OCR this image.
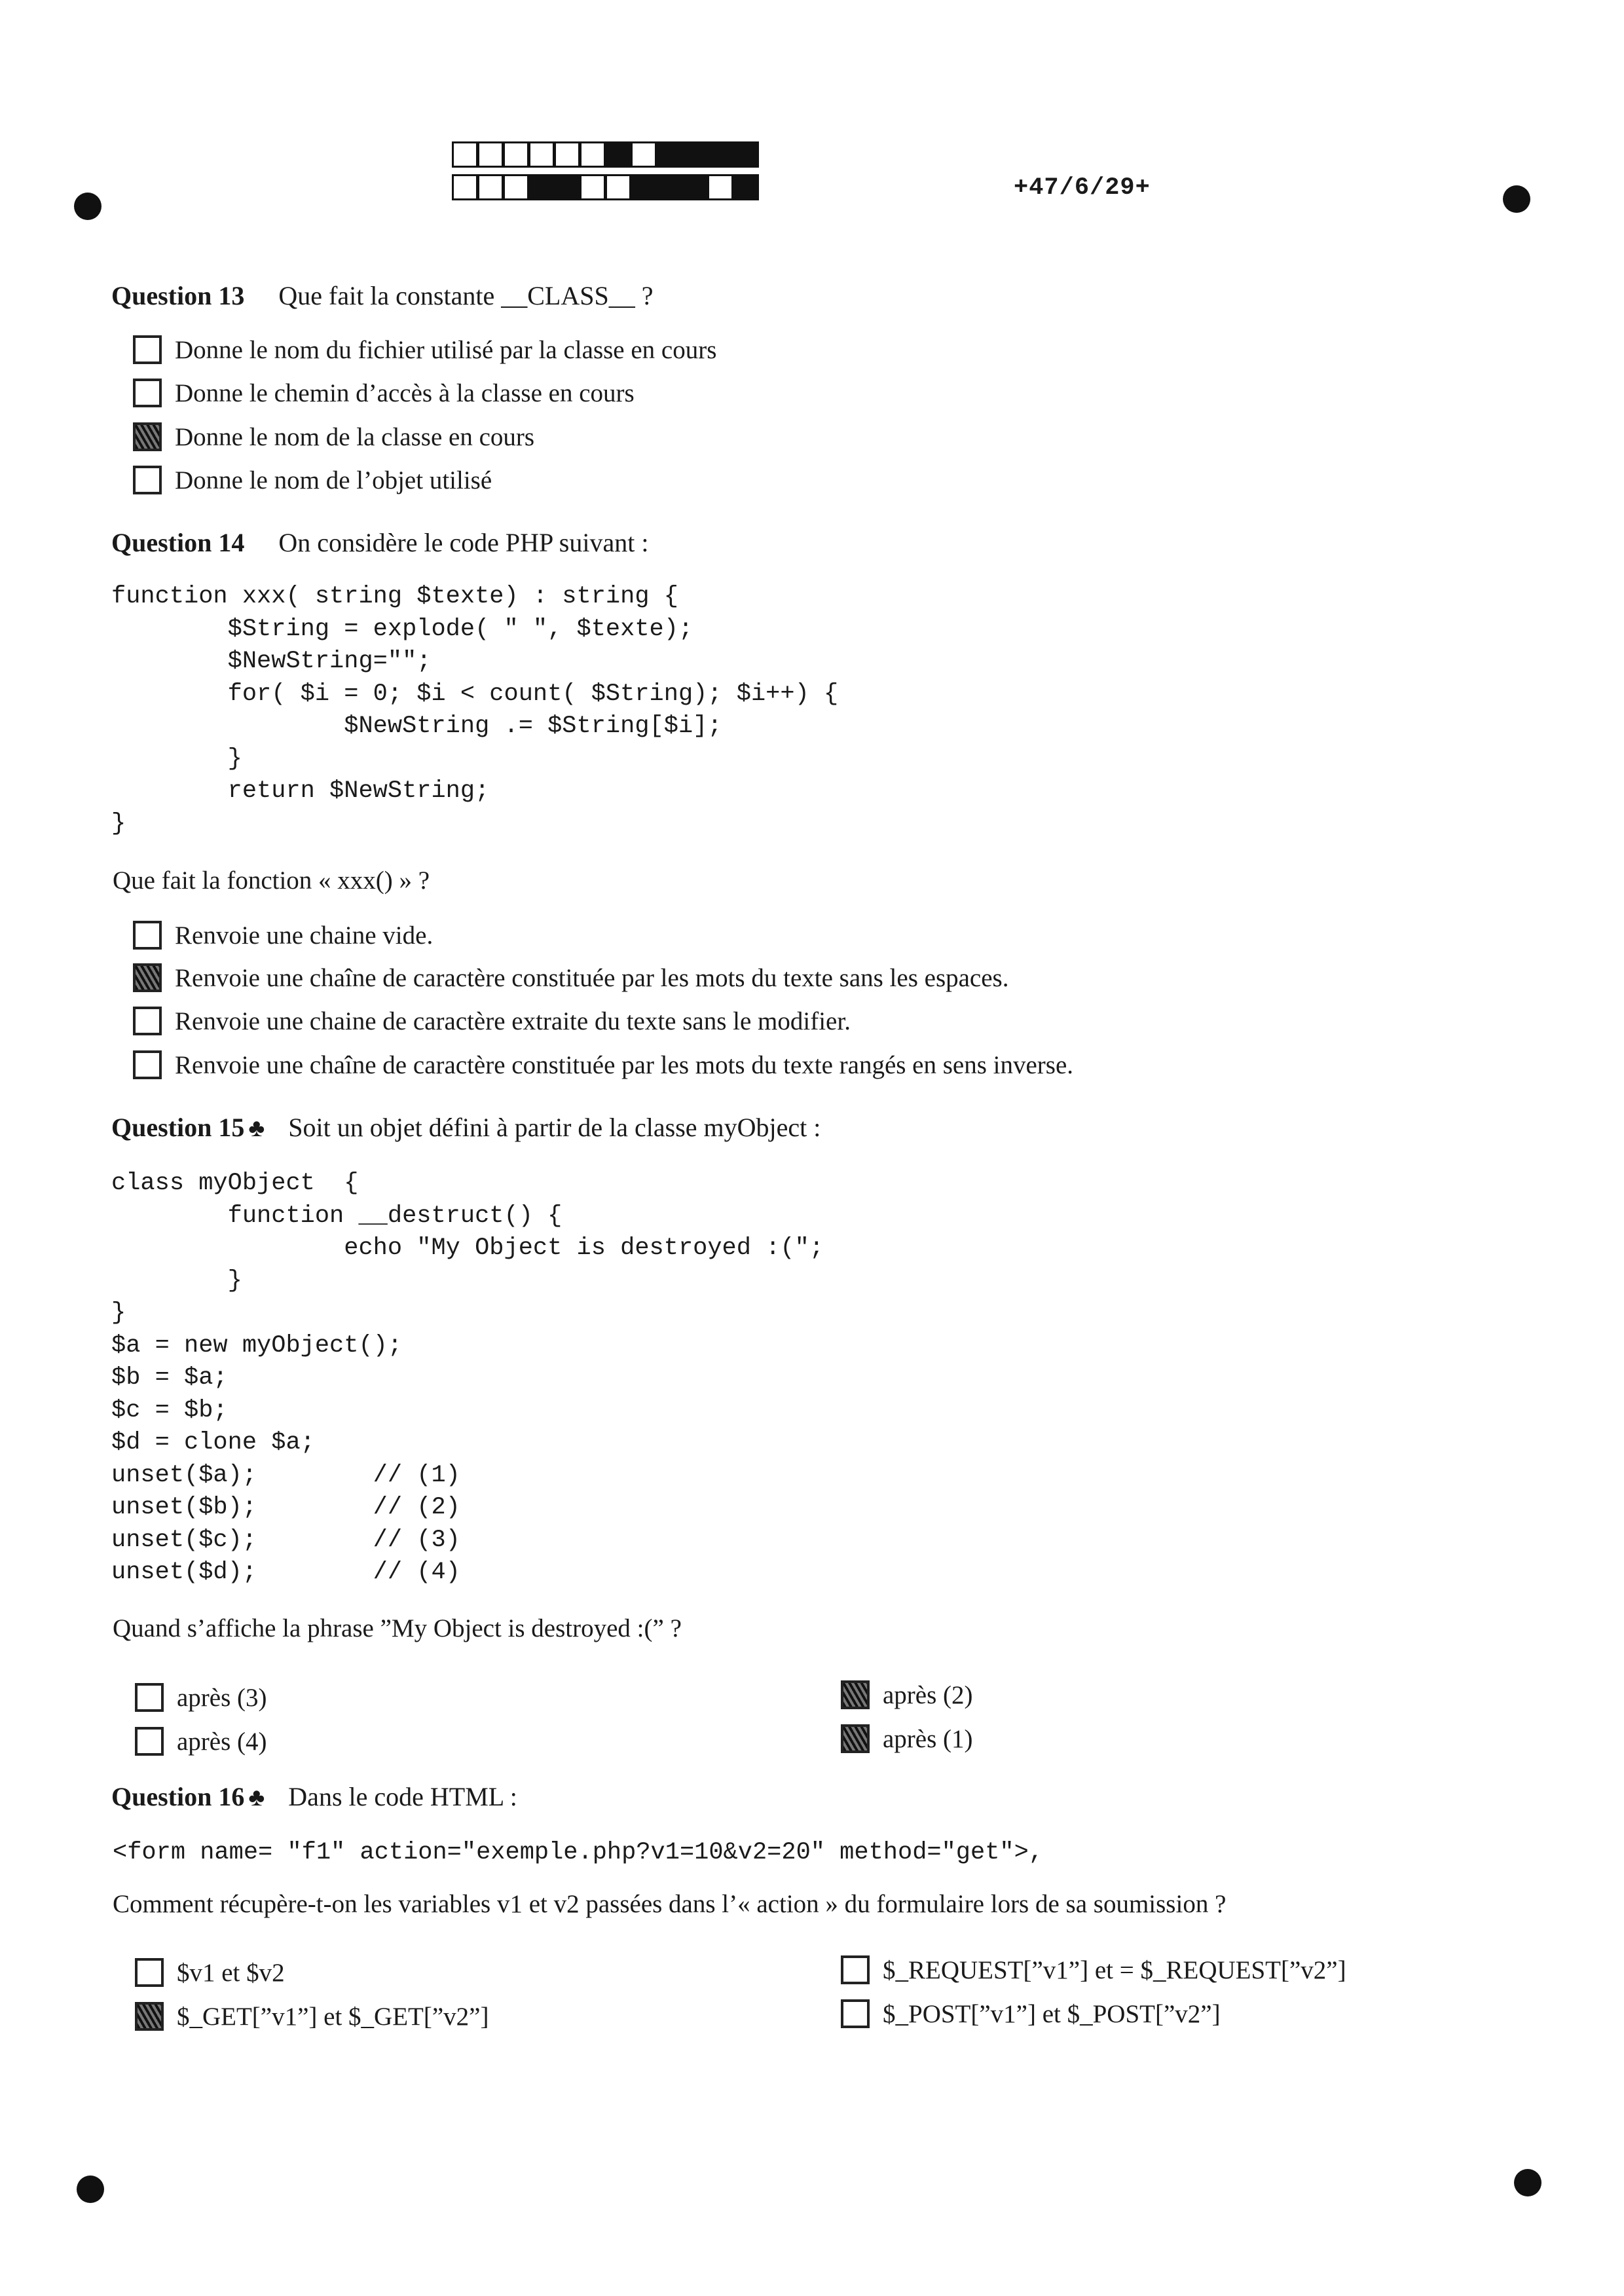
+47/6/29+
Question 13 Que fait la constante __CLASS__ ?
Donne le nom du fichier utilisé par la classe en cours
Donne le chemin d’accès à la classe en cours
Donne le nom de la classe en cours
Donne le nom de l’objet utilisé
Question 14 On considère le code PHP suivant :
function xxx( string $texte) : string {
$String = explode( " ", $texte);
$NewString="";
for( $i = 0; $i < count( $String); $i++) {
$NewString .= $String[$i];
}
return $NewString;
}
Que fait la fonction « xxx() » ?
Renvoie une chaine vide.
Renvoie une chaîne de caractère constituée par les mots du texte sans les espaces.
Renvoie une chaine de caractère extraite du texte sans le modifier.
Renvoie une chaîne de caractère constituée par les mots du texte rangés en sens inverse.
Question 15 ♣ Soit un objet défini à partir de la classe myObject :
class myObject  {
function __destruct() {
echo "My Object is destroyed :(";
}
}
$a = new myObject();
$b = $a;
$c = $b;
$d = clone $a;
unset($a);        // (1)
unset($b);        // (2)
unset($c);        // (3)
unset($d);        // (4)
Quand s’affiche la phrase ”My Object is destroyed :(” ?
après (3)
après (4)
après (2)
après (1)
Question 16 ♣ Dans le code HTML :
<form name= "f1" action="exemple.php?v1=10&v2=20" method="get">,
Comment récupère-t-on les variables v1 et v2 passées dans l’« action » du formulaire lors de sa soumission ?
$v1 et $v2
$_GET[”v1”] et $_GET[”v2”]
$_REQUEST[”v1”] et = $_REQUEST[”v2”]
$_POST[”v1”] et $_POST[”v2”]
